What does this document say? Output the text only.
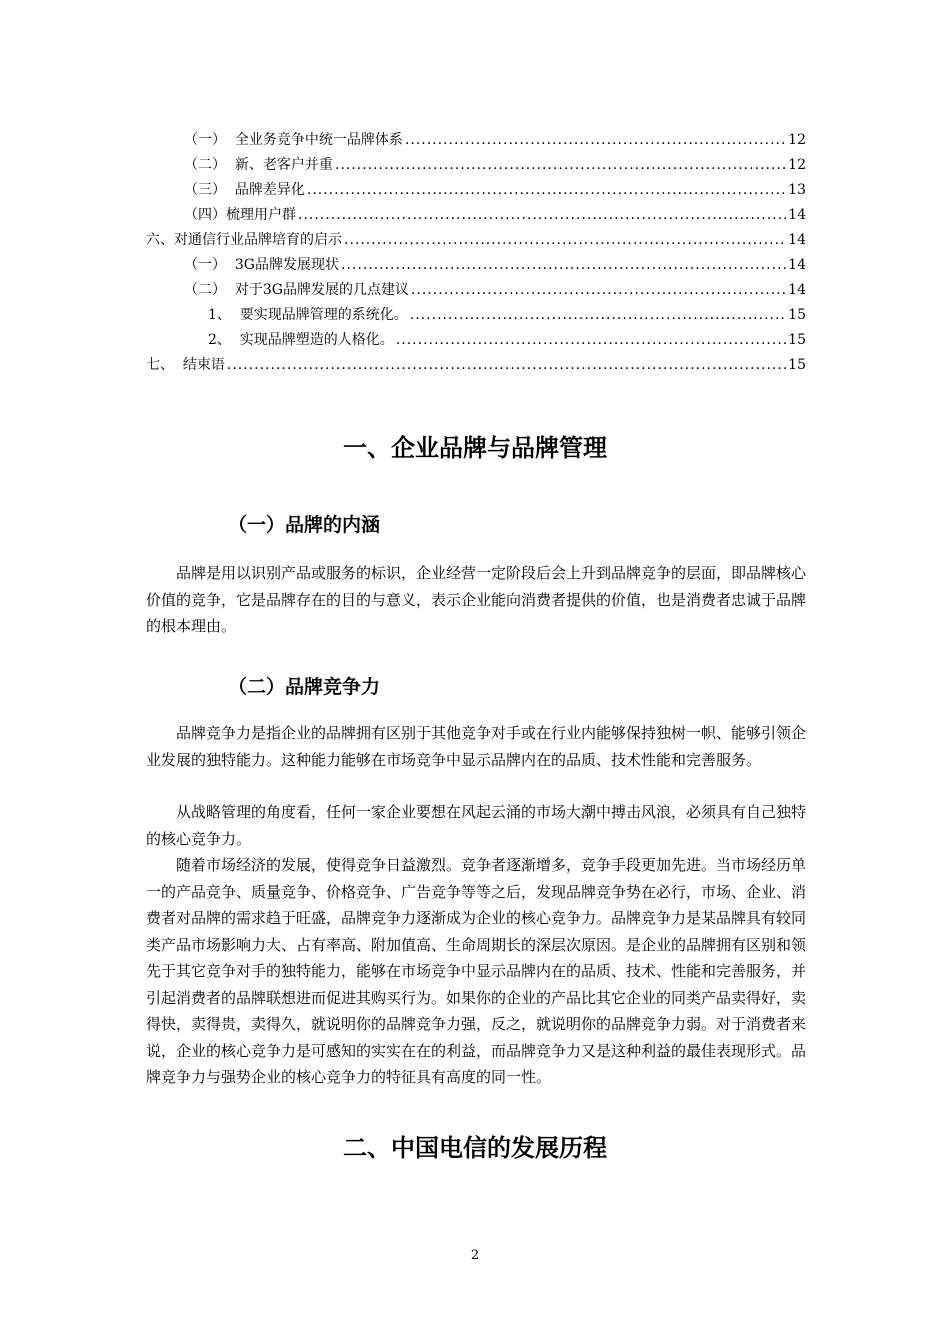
（一）  全业务竞争中统一品牌体系 .....	12
（二）  新、老客户并重 .....	12
（三）  品牌差异化 .....	13
（四）梳理用户群 .....	14
六、对通信行业品牌培育的启示 .....	14
（一）  3G品牌发展现状 .....	14
（二）  对于3G品牌发展的几点建议 .....	14
1、  要实现品牌管理的系统化。 .....	15
2、  实现品牌塑造的人格化。 .....	15
七、  结束语 .....	15
一、企业品牌与品牌管理
（一）品牌的内涵

品牌是用以识别产品或服务的标识，企业经营一定阶段后会上升到品牌竞争的层面，即品牌核心价值的竞争，它是品牌存在的目的与意义，表示企业能向消费者提供的价值，也是消费者忠诚于品牌的根本理由。

（二）品牌竞争力

品牌竞争力是指企业的品牌拥有区别于其他竞争对手或在行业内能够保持独树一帜、能够引领企业发展的独特能力。这种能力能够在市场竞争中显示品牌内在的品质、技术性能和完善服务。

从战略管理的角度看，任何一家企业要想在风起云涌的市场大潮中搏击风浪，必须具有自己独特的核心竞争力。

随着市场经济的发展，使得竞争日益激烈。竞争者逐渐增多，竞争手段更加先进。当市场经历单一的产品竞争、质量竞争、价格竞争、广告竞争等等之后，发现品牌竞争势在必行，市场、企业、消费者对品牌的需求趋于旺盛，品牌竞争力逐渐成为企业的核心竞争力。品牌竞争力是某品牌具有较同类产品市场影响力大、占有率高、附加值高、生命周期长的深层次原因。是企业的品牌拥有区别和领先于其它竞争对手的独特能力，能够在市场竞争中显示品牌内在的品质、技术、性能和完善服务，并引起消费者的品牌联想进而促进其购买行为。如果你的企业的产品比其它企业的同类产品卖得好，卖得快，卖得贵，卖得久，就说明你的品牌竞争力强，反之，就说明你的品牌竞争力弱。对于消费者来说，企业的核心竞争力是可感知的实实在在的利益，而品牌竞争力又是这种利益的最佳表现形式。品牌竞争力与强势企业的核心竞争力的特征具有高度的同一性。

二、中国电信的发展历程
2
